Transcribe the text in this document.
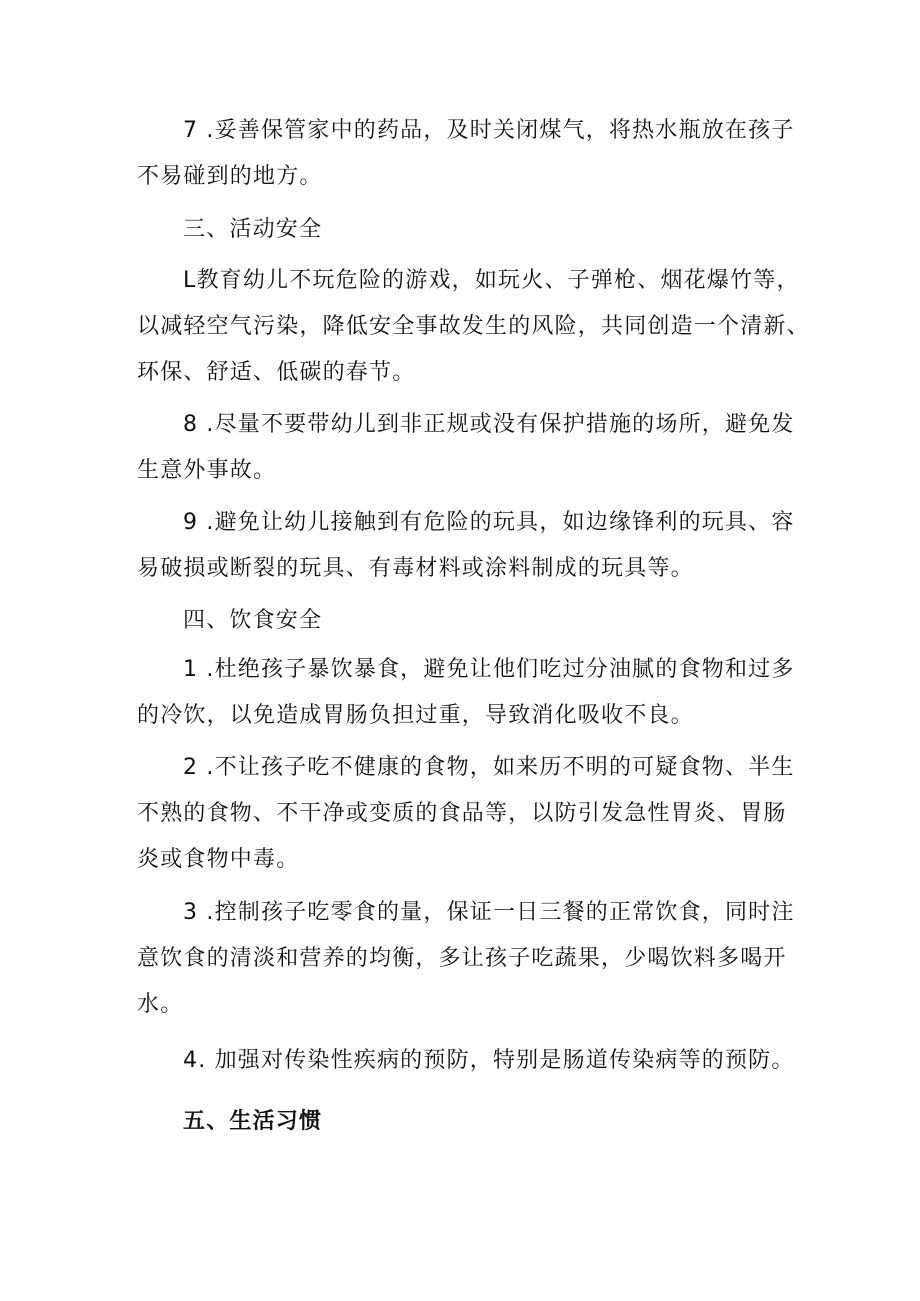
7 .妥善保管家中的药品，及时关闭煤气，将热水瓶放在孩子
不易碰到的地方。

三、活动安全

L教育幼儿不玩危险的游戏，如玩火、子弹枪、烟花爆竹等，
以减轻空气污染，降低安全事故发生的风险，共同创造一个清新、
环保、舒适、低碳的春节。

8 .尽量不要带幼儿到非正规或没有保护措施的场所，避免发
生意外事故。

9 .避免让幼儿接触到有危险的玩具，如边缘锋利的玩具、容
易破损或断裂的玩具、有毒材料或涂料制成的玩具等。

四、饮食安全

1 .杜绝孩子暴饮暴食，避免让他们吃过分油腻的食物和过多
的冷饮，以免造成胃肠负担过重，导致消化吸收不良。

2 .不让孩子吃不健康的食物，如来历不明的可疑食物、半生
不熟的食物、不干净或变质的食品等，以防引发急性胃炎、胃肠
炎或食物中毒。

3 .控制孩子吃零食的量，保证一日三餐的正常饮食，同时注
意饮食的清淡和营养的均衡，多让孩子吃蔬果，少喝饮料多喝开
水。

4. 加强对传染性疾病的预防，特别是肠道传染病等的预防。

五、生活习惯
